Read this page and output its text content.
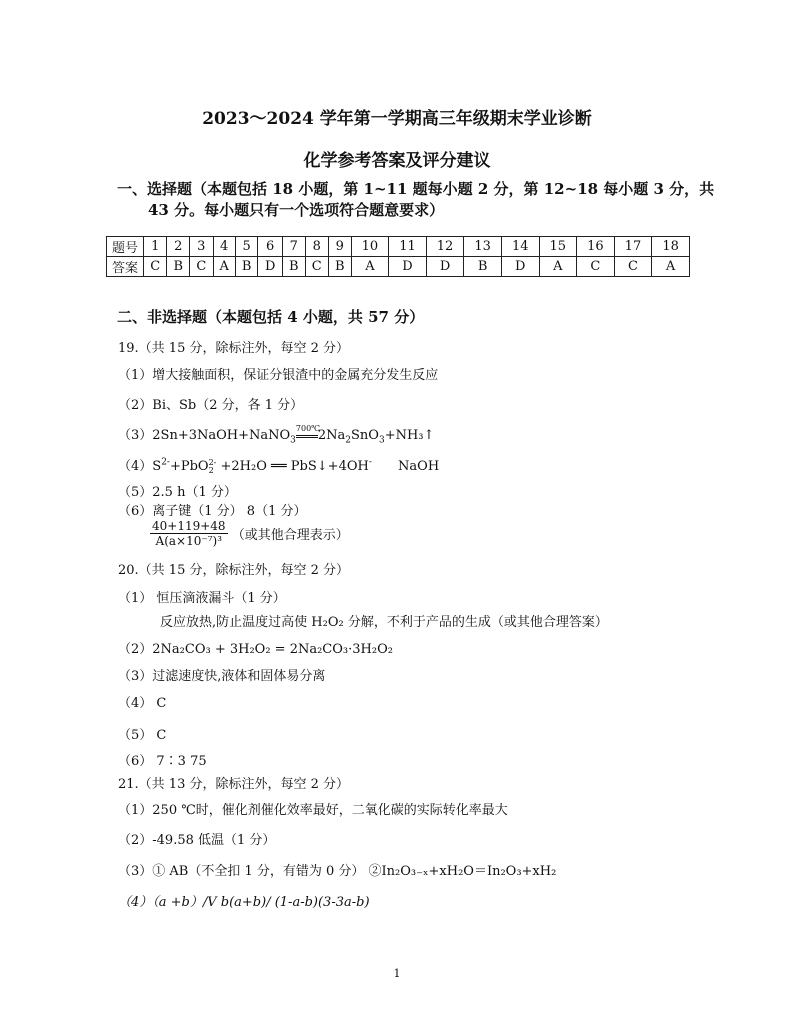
2023～2024 学年第一学期高三年级期末学业诊断
化学参考答案及评分建议
一、选择题（本题包括 18 小题，第 1~11 题每小题 2 分，第 12~18 每小题 3 分，共
43 分。每小题只有一个选项符合题意要求）
题号	1	2	3	4	5	6	7	8	9	10	11	12	13	14	15	16	17	18
答案	C	B	C	A	B	D	B	C	B	A	D	D	B	D	A	C	C	A
二、非选择题（本题包括 4 小题，共 57 分）
19.（共 15 分，除标注外，每空 2 分）
（1）增大接触面积，保证分银渣中的金属充分发生反应
（2）Bi、Sb（2 分，各 1 分）
（3）2Sn+3NaOH+NaNO$_3$700℃
$2Na_2SnO_3+NH_3↑$
$(4)S^{2-}+PbO$ 2-
2 +2H₂O ══ PbS↓+4OH- NaOH
（5）2.5 h（1 分）
（6）离子键（1 分） 8（1 分）
$\frac{40+119+48}{\text{A(a×10⁻⁷)³}}$ （或其他合理表示）
20.（共 15 分，除标注外，每空 2 分）
（1） 恒压滴液漏斗（1 分）
反应放热,防止温度过高使 H₂O₂ 分解，不利于产品的生成（或其他合理答案）
（2）2Na₂CO₃ + 3H₂O₂ = 2Na₂CO₃·3H₂O₂
（3）过滤速度快,液体和固体易分离
（4） C
（5） C
（6） 7∶3 75
21.（共 13 分，除标注外，每空 2 分）
（1）250 ℃时，催化剂催化效率最好，二氧化碳的实际转化率最大
（2）-49.58 低温（1 分）
（3）① AB（不全扣 1 分，有错为 0 分） ②In₂O₃₋ₓ+xH₂O＝In₂O₃+xH₂
（4）（a +b）/V b(a+b)/ (1-a-b)(3-3a-b)
1
